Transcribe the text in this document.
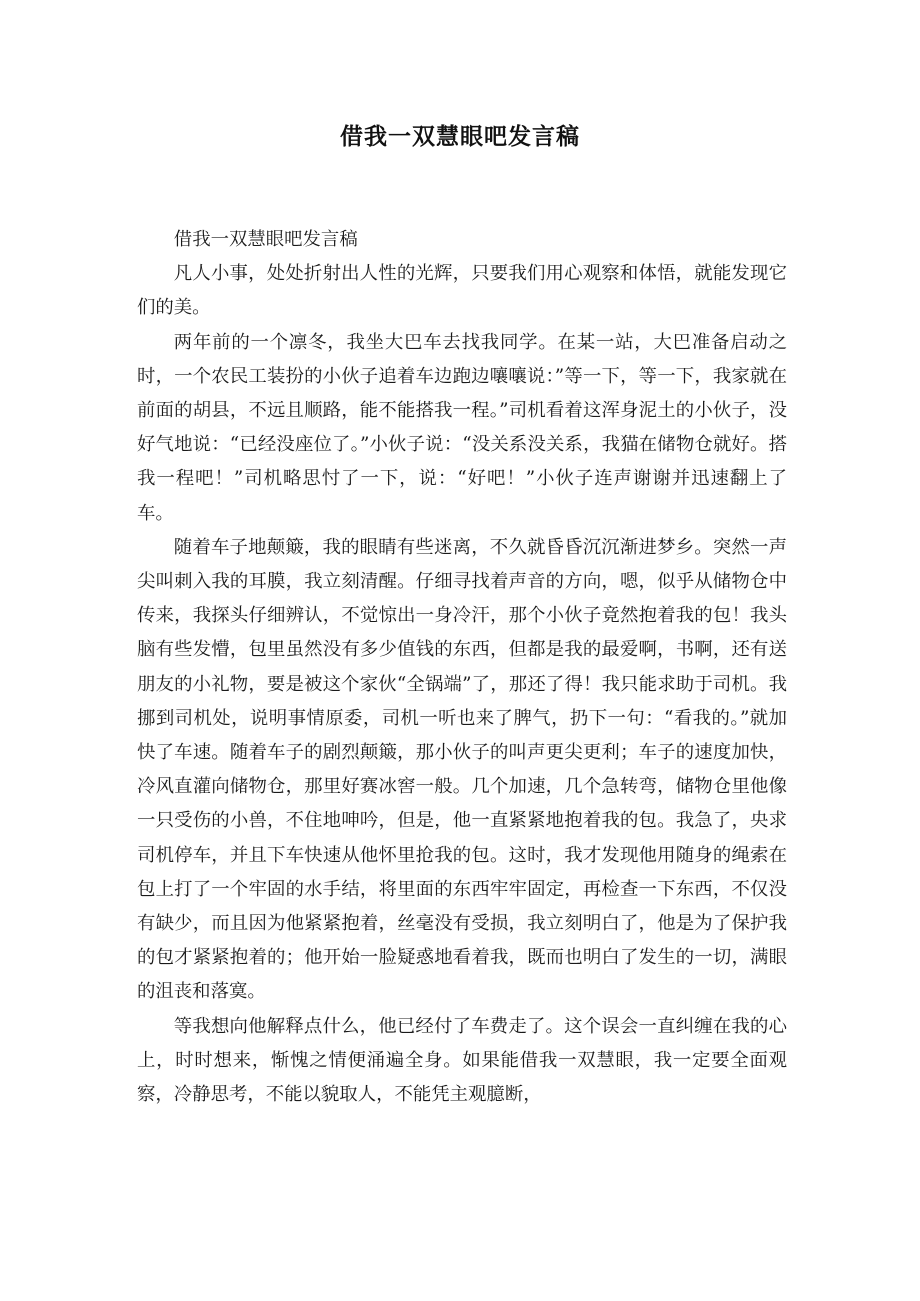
借我一双慧眼吧发言稿

借我一双慧眼吧发言稿

凡人小事，处处折射出人性的光辉，只要我们用心观察和体悟，就能发现它们的美。

两年前的一个凛冬，我坐大巴车去找我同学。在某一站，大巴准备启动之时，一个农民工装扮的小伙子追着车边跑边嚷嚷说：”等一下，等一下，我家就在前面的胡县，不远且顺路，能不能搭我一程。”司机看着这浑身泥土的小伙子，没好气地说：“已经没座位了。”小伙子说：“没关系没关系，我猫在储物仓就好。搭我一程吧！”司机略思忖了一下，说：“好吧！”小伙子连声谢谢并迅速翻上了车。

随着车子地颠簸，我的眼睛有些迷离，不久就昏昏沉沉渐进梦乡。突然一声尖叫刺入我的耳膜，我立刻清醒。仔细寻找着声音的方向，嗯，似乎从储物仓中传来，我探头仔细辨认，不觉惊出一身冷汗，那个小伙子竟然抱着我的包！我头脑有些发懵，包里虽然没有多少值钱的东西，但都是我的最爱啊，书啊，还有送朋友的小礼物，要是被这个家伙“全锅端”了，那还了得！我只能求助于司机。我挪到司机处，说明事情原委，司机一听也来了脾气，扔下一句：“看我的。”就加快了车速。随着车子的剧烈颠簸，那小伙子的叫声更尖更利；车子的速度加快，冷风直灌向储物仓，那里好赛冰窖一般。几个加速，几个急转弯，储物仓里他像一只受伤的小兽，不住地呻吟，但是，他一直紧紧地抱着我的包。我急了，央求司机停车，并且下车快速从他怀里抢我的包。这时，我才发现他用随身的绳索在包上打了一个牢固的水手结，将里面的东西牢牢固定，再检查一下东西，不仅没有缺少，而且因为他紧紧抱着，丝毫没有受损，我立刻明白了，他是为了保护我的包才紧紧抱着的；他开始一脸疑惑地看着我，既而也明白了发生的一切，满眼的沮丧和落寞。

等我想向他解释点什么，他已经付了车费走了。这个误会一直纠缠在我的心上，时时想来，惭愧之情便涌遍全身。如果能借我一双慧眼，我一定要全面观察，冷静思考，不能以貌取人，不能凭主观臆断，
